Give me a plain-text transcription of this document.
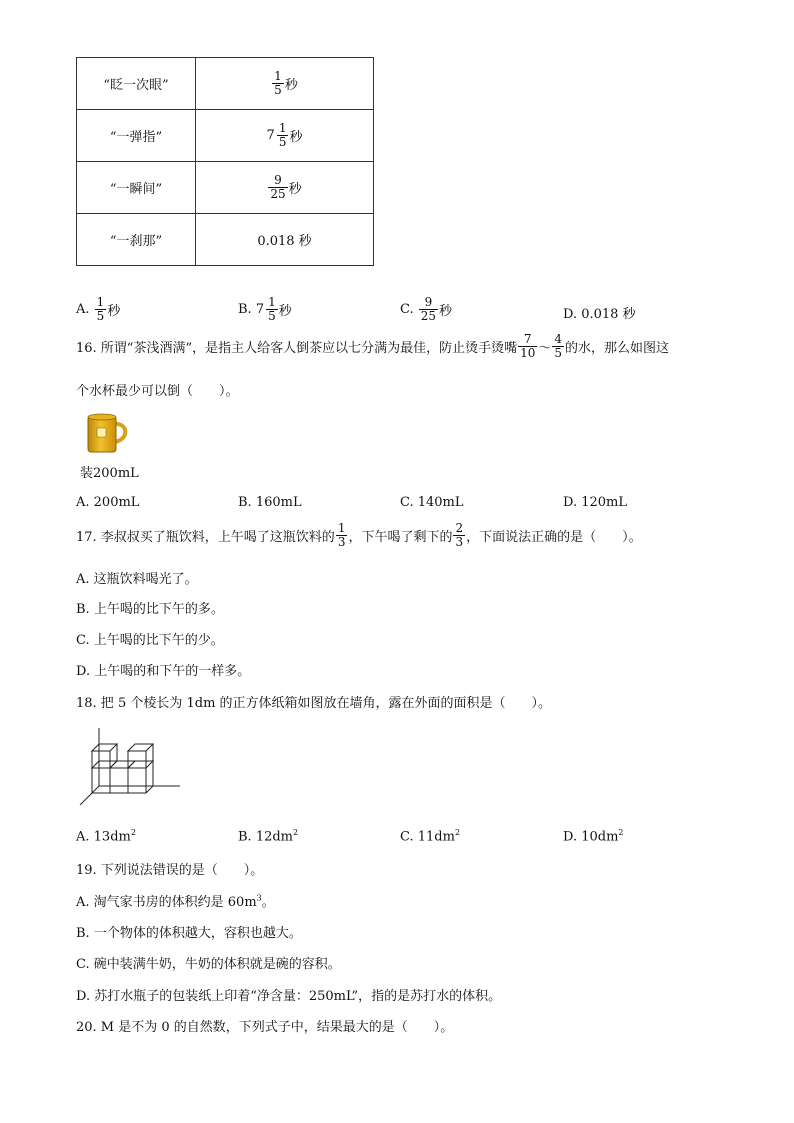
“眨一次眼”	$\frac{1}{5}$ 秒
“一弹指”	$7 \frac{1}{5}$ 秒
“一瞬间”	$\frac{9}{25}$ 秒
“一刹那”	0.018 秒
A. $\frac{1}{5}$ 秒	B. $7 \frac{1}{5}$ 秒	C. $\frac{9}{25}$ 秒	D. 0.018 秒
16. 所谓“茶浅酒满”，是指主人给客人倒茶应以七分满为最佳，防止烫手烫嘴 $\frac{7}{10}$ ～ $\frac{4}{5}$ 的水，那么如图这
个水杯最少可以倒（　　）。
装200mL
A. 200mL	B. 160mL	C. 140mL	D. 120mL
17. 李叔叔买了瓶饮料，上午喝了这瓶饮料的 $\frac{1}{3}$ ，下午喝了剩下的 $\frac{2}{3}$ ，下面说法正确的是（　　）。
A. 这瓶饮料喝光了。
B. 上午喝的比下午的多。
C. 上午喝的比下午的少。
D. 上午喝的和下午的一样多。
18. 把 5 个棱长为 1dm 的正方体纸箱如图放在墙角，露在外面的面积是（　　）。
A. $13dm^2$	B. $12dm^2$	C. $11dm^2$	D. $10dm^2$
19. 下列说法错误的是（　　）。
A. 淘气家书房的体积约是 $60m^3$。
B. 一个物体的体积越大，容积也越大。
C. 碗中装满牛奶，牛奶的体积就是碗的容积。
D. 苏打水瓶子的包装纸上印着“净含量：250mL”，指的是苏打水的体积。
20. M 是不为 0 的自然数，下列式子中，结果最大的是（　　）。
